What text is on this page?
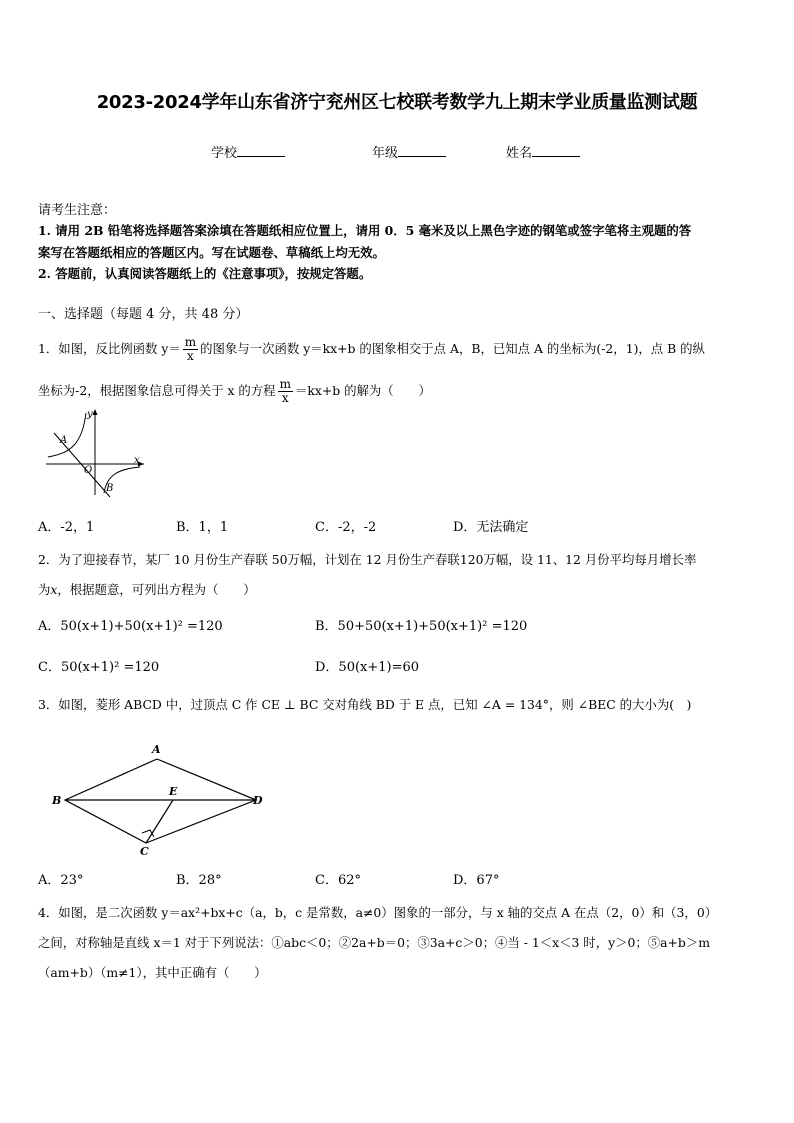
2023-2024学年山东省济宁兖州区七校联考数学九上期末学业质量监测试题
学校	年级	姓名
请考生注意：
1. 请用 2B 铅笔将选择题答案涂填在答题纸相应位置上，请用 0．5 毫米及以上黑色字迹的钢笔或签字笔将主观题的答
案写在答题纸相应的答题区内。写在试题卷、草稿纸上均无效。
2. 答题前，认真阅读答题纸上的《注意事项》，按规定答题。
一、选择题（每题 4 分，共 48 分）
1．如图，反比例函数 $y= \frac{m}{x}$ 的图象与一次函数 y＝kx+b 的图象相交于点 A，B，已知点 A 的坐标为(-2，1)，点 B 的纵
坐标为-2，根据图象信息可得关于 x 的方程 $\frac{m}{x} =kx+b$ 的解为（　　）
y
A
O
x
B
A．-2，1	B．1，1	C．-2，-2	D．无法确定
2．为了迎接春节，某厂 10 月份生产春联 50万幅，计划在 12 月份生产春联120万幅，设 11、12 月份平均每月增长率
为x，根据题意，可列出方程为（　　）
A．50(x+1)+50(x+1)² =120	B．50+50(x+1)+50(x+1)² =120
C．50(x+1)² =120	D．50(x+1)=60
3．如图，菱形 ABCD 中，过顶点 C 作 CE ⊥ BC 交对角线 BD 于 E 点，已知 ∠A = 134°，则 ∠BEC 的大小为(　)
A
B
E
D
C
A．23°	B．28°	C．62°	D．67°
4．如图，是二次函数 y＝ax²+bx+c（a，b，c 是常数，a≠0）图象的一部分，与 x 轴的交点 A 在点（2，0）和（3，0）
之间，对称轴是直线 x＝1 对于下列说法：①abc＜0；②2a+b＝0；③3a+c＞0；④当 - 1＜x＜3 时，y＞0；⑤a+b＞m
（am+b）（m≠1），其中正确有（　　）
